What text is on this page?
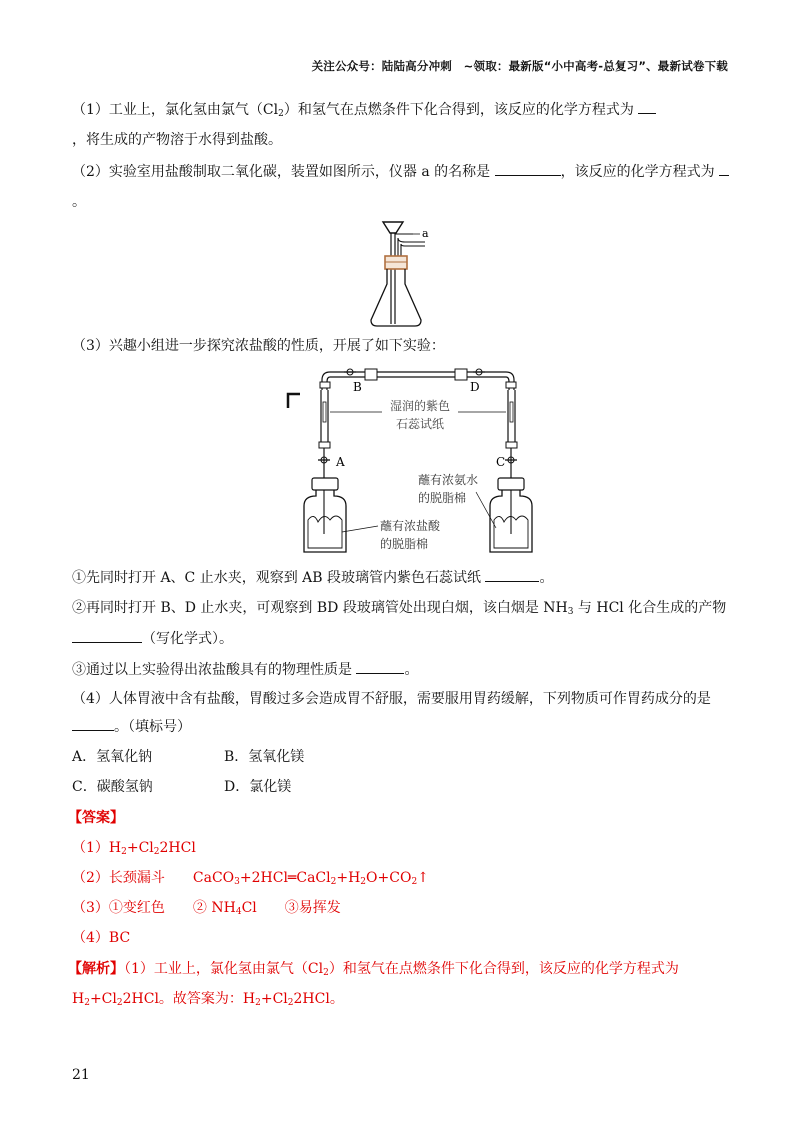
关注公众号：陆陆高分冲刺　~领取：最新版“小中高考-总复习”、最新试卷下载
（1）工业上，氯化氢由氯气$(Cl_2)$和氢气在点燃条件下化合得到，该反应的化学方程式为
，将生成的产物溶于水得到盐酸。
（2）实验室用盐酸制取二氧化碳，装置如图所示，仪器 a 的名称是	，该反应的化学方程式为
。
a
（3）兴趣小组进一步探究浓盐酸的性质，开展了如下实验：
B	D
A	C
湿润的紫色
石蕊试纸
蘸有浓盐酸
的脱脂棉
蘸有浓氨水
的脱脂棉
①先同时打开 A、C 止水夹，观察到 AB 段玻璃管内紫色石蕊试纸	。
②再同时打开 B、D 止水夹，可观察到 BD 段玻璃管处出现白烟，该白烟是 $NH_3$ 与 HCl 化合生成的产物
（写化学式）。
③通过以上实验得出浓盐酸具有的物理性质是	。
（4）人体胃液中含有盐酸，胃酸过多会造成胃不舒服，需要服用胃药缓解，下列物质可作胃药成分的是
。（填标号）
A．氢氧化钠	B．氢氧化镁
C．碳酸氢钠	D．氯化镁
【答案】
$(1)H_2+Cl_22HCl$
（2）长颈漏斗　　$CaCO_3+2HCl═CaCl_2+H_2O+CO_2↑$
（3）①变红色　　② $NH_4Cl$　　③易挥发
（4）BC
【解析】（1）工业上，氯化氢由氯气$(Cl_2)$和氢气在点燃条件下化合得到，该反应的化学方程式为
$H_2+Cl_22HCl$。故答案为：$H_2+Cl_22HCl$。
21
